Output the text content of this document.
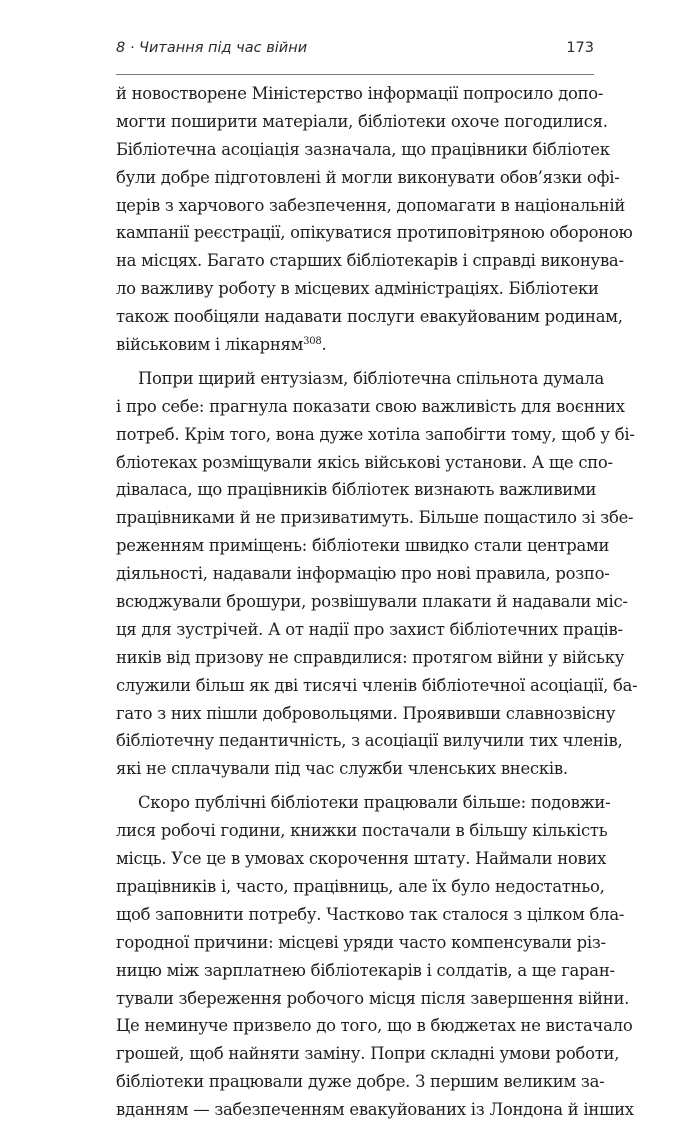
8 · Читання під час війни	173
й новостворене Міністерство інформації попросило допо-
могти поширити матеріали, бібліотеки охоче погодилися.
Бібліотечна асоціація зазначала, що працівники бібліотек
були добре підготовлені й могли виконувати обов’язки офі-
церів з харчового забезпечення, допомагати в національній
кампанії реєстрації, опікуватися протиповітряною обороною
на місцях. Багато старших бібліотекарів і справді виконува-
ло важливу роботу в місцевих адміністраціях. Бібліотеки
також пообіцяли надавати послуги евакуйованим родинам,
військовим і лікарням$^{308}$.
Попри щирий ентузіазм, бібліотечна спільнота думала
і про себе: прагнула показати свою важливість для воєнних
потреб. Крім того, вона дуже хотіла запобігти тому, щоб у бі-
бліотеках розміщували якісь військові установи. А ще спо-
діваласа, що працівників бібліотек визнають важливими
працівниками й не призиватимуть. Більше пощастило зі збе-
реженням приміщень: бібліотеки швидко стали центрами
діяльності, надавали інформацію про нові правила, розпо-
всюджували брошури, розвішували плакати й надавали міс-
ця для зустрічей. А от надії про захист бібліотечних праців-
ників від призову не справдилися: протягом війни у війську
служили більш як дві тисячі членів бібліотечної асоціації, ба-
гато з них пішли добровольцями. Проявивши славнозвісну
бібліотечну педантичність, з асоціації вилучили тих членів,
які не сплачували під час служби членських внесків.
Скоро публічні бібліотеки працювали більше: подовжи-
лися робочі години, книжки постачали в більшу кількість
місць. Усе це в умовах скорочення штату. Наймали нових
працівників і, часто, працівниць, але їх було недостатньо,
щоб заповнити потребу. Частково так сталося з цілком бла-
городної причини: місцеві уряди часто компенсували різ-
ницю між зарплатнею бібліотекарів і солдатів, а ще гаран-
тували збереження робочого місця після завершення війни.
Це неминуче призвело до того, що в бюджетах не вистачало
грошей, щоб найняти заміну. Попри складні умови роботи,
бібліотеки працювали дуже добре. З першим великим за-
вданням — забезпеченням евакуйованих із Лондона й інших
